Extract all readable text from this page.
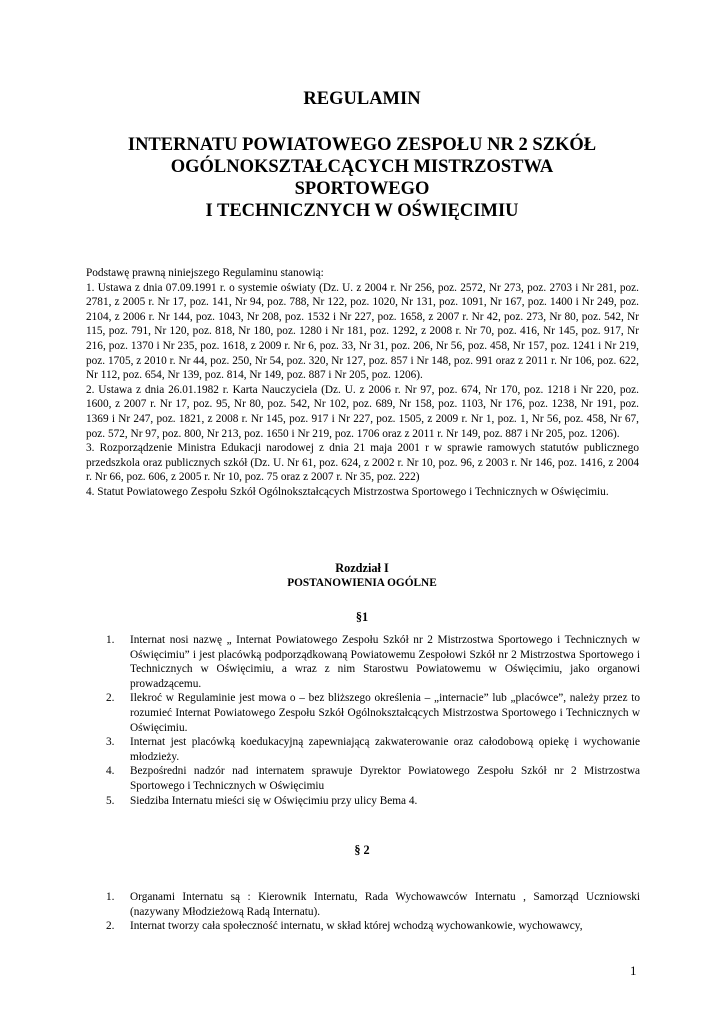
REGULAMIN
INTERNATU POWIATOWEGO ZESPOŁU NR 2 SZKÓŁ
OGÓLNOKSZTAŁCĄCYCH MISTRZOSTWA
SPORTOWEGO
I TECHNICZNYCH W OŚWIĘCIMIU

Podstawę prawną niniejszego Regulaminu stanowią:

1. Ustawa z dnia 07.09.1991 r. o systemie oświaty (Dz. U. z 2004 r. Nr 256, poz. 2572, Nr 273, poz. 2703 i Nr 281, poz. 2781, z 2005 r. Nr 17, poz. 141, Nr 94, poz. 788, Nr 122, poz. 1020, Nr 131, poz. 1091, Nr 167, poz. 1400 i Nr 249, poz. 2104, z 2006 r. Nr 144, poz. 1043, Nr 208, poz. 1532 i Nr 227, poz. 1658, z 2007 r. Nr 42, poz. 273, Nr 80, poz. 542, Nr 115, poz. 791, Nr 120, poz. 818, Nr 180, poz. 1280 i Nr 181, poz. 1292, z 2008 r. Nr 70, poz. 416, Nr 145, poz. 917, Nr 216, poz. 1370 i Nr 235, poz. 1618, z 2009 r. Nr 6, poz. 33, Nr 31, poz. 206, Nr 56, poz. 458, Nr 157, poz. 1241 i Nr 219, poz. 1705, z 2010 r. Nr 44, poz. 250, Nr 54, poz. 320, Nr 127, poz. 857 i Nr 148, poz. 991 oraz z 2011 r. Nr 106, poz. 622, Nr 112, poz. 654, Nr 139, poz. 814, Nr 149, poz. 887 i Nr 205, poz. 1206).

2. Ustawa z dnia 26.01.1982 r. Karta Nauczyciela (Dz. U. z 2006 r. Nr 97, poz. 674, Nr 170, poz. 1218 i Nr 220, poz. 1600, z 2007 r. Nr 17, poz. 95, Nr 80, poz. 542, Nr 102, poz. 689, Nr 158, poz. 1103, Nr 176, poz. 1238, Nr 191, poz. 1369 i Nr 247, poz. 1821, z 2008 r. Nr 145, poz. 917 i Nr 227, poz. 1505, z 2009 r. Nr 1, poz. 1, Nr 56, poz. 458, Nr 67, poz. 572, Nr 97, poz. 800, Nr 213, poz. 1650 i Nr 219, poz. 1706 oraz z 2011 r. Nr 149, poz. 887 i Nr 205, poz. 1206).

3. Rozporządzenie Ministra Edukacji narodowej z dnia 21 maja 2001 r w sprawie ramowych statutów publicznego przedszkola oraz publicznych szkół (Dz. U. Nr 61, poz. 624, z 2002 r. Nr 10, poz. 96, z 2003 r. Nr 146, poz. 1416, z 2004 r. Nr 66, poz. 606, z 2005 r. Nr 10, poz. 75 oraz z 2007 r. Nr 35, poz. 222)

4. Statut Powiatowego Zespołu Szkół Ogólnokształcących Mistrzostwa Sportowego i Technicznych w Oświęcimiu.

Rozdział I
POSTANOWIENIA OGÓLNE
§1
1. Internat nosi nazwę „ Internat Powiatowego Zespołu Szkół nr 2 Mistrzostwa Sportowego i Technicznych w Oświęcimiu” i jest placówką podporządkowaną Powiatowemu Zespołowi Szkół nr 2 Mistrzostwa Sportowego i Technicznych w Oświęcimiu, a wraz z nim Starostwu Powiatowemu w Oświęcimiu, jako organowi prowadzącemu.
2. Ilekroć w Regulaminie jest mowa o – bez bliższego określenia – „internacie” lub „placówce”, należy przez to rozumieć Internat Powiatowego Zespołu Szkół Ogólnokształcących Mistrzostwa Sportowego i Technicznych w Oświęcimiu.
3. Internat jest placówką koedukacyjną zapewniającą zakwaterowanie oraz całodobową opiekę i wychowanie młodzieży.
4. Bezpośredni nadzór nad internatem sprawuje Dyrektor Powiatowego Zespołu Szkół nr 2 Mistrzostwa Sportowego i Technicznych w Oświęcimiu
5. Siedziba Internatu mieści się w Oświęcimiu przy ulicy Bema 4.
§ 2
1. Organami Internatu są : Kierownik Internatu, Rada Wychowawców Internatu , Samorząd Uczniowski (nazywany Młodzieżową Radą Internatu).
2. Internat tworzy cała społeczność internatu, w skład której wchodzą wychowankowie, wychowawcy,
1
